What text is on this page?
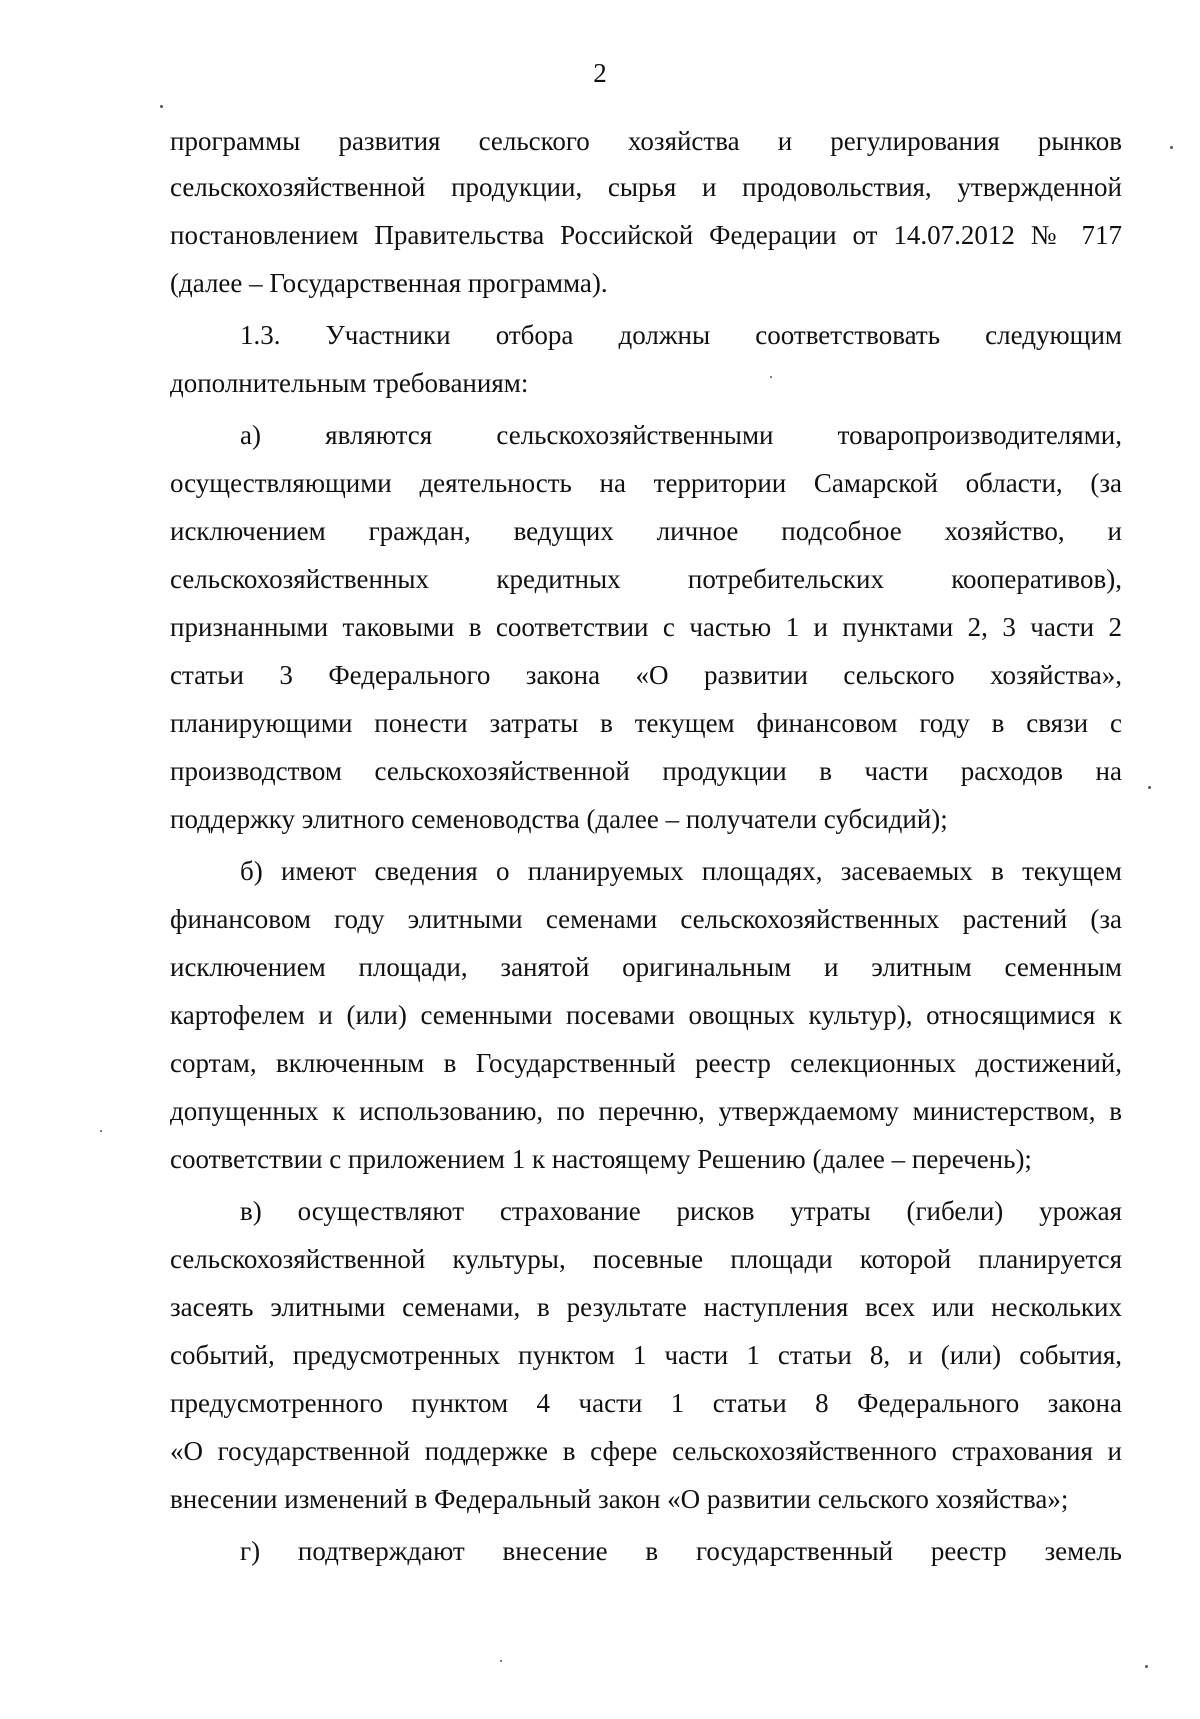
2
программы развития сельского хозяйства и регулирования рынков
сельскохозяйственной продукции, сырья и продовольствия, утвержденной
постановлением Правительства Российской Федерации от 14.07.2012 № 717
(далее – Государственная программа).
1.3. Участники отбора должны соответствовать следующим
дополнительным требованиям:
а) являются сельскохозяйственными товаропроизводителями,
осуществляющими деятельность на территории Самарской области, (за
исключением граждан, ведущих личное подсобное хозяйство, и
сельскохозяйственных кредитных потребительских кооперативов),
признанными таковыми в соответствии с частью 1 и пунктами 2, 3 части 2
статьи 3 Федерального закона «О развитии сельского хозяйства»,
планирующими понести затраты в текущем финансовом году в связи с
производством сельскохозяйственной продукции в части расходов на
поддержку элитного семеноводства (далее – получатели субсидий);
б) имеют сведения о планируемых площадях, засеваемых в текущем
финансовом году элитными семенами сельскохозяйственных растений (за
исключением площади, занятой оригинальным и элитным семенным
картофелем и (или) семенными посевами овощных культур), относящимися к
сортам, включенным в Государственный реестр селекционных достижений,
допущенных к использованию, по перечню, утверждаемому министерством, в
соответствии с приложением 1 к настоящему Решению (далее – перечень);
в) осуществляют страхование рисков утраты (гибели) урожая
сельскохозяйственной культуры, посевные площади которой планируется
засеять элитными семенами, в результате наступления всех или нескольких
событий, предусмотренных пунктом 1 части 1 статьи 8, и (или) события,
предусмотренного пунктом 4 части 1 статьи 8 Федерального закона
«О государственной поддержке в сфере сельскохозяйственного страхования и
внесении изменений в Федеральный закон «О развитии сельского хозяйства»;
г) подтверждают внесение в государственный реестр земель
